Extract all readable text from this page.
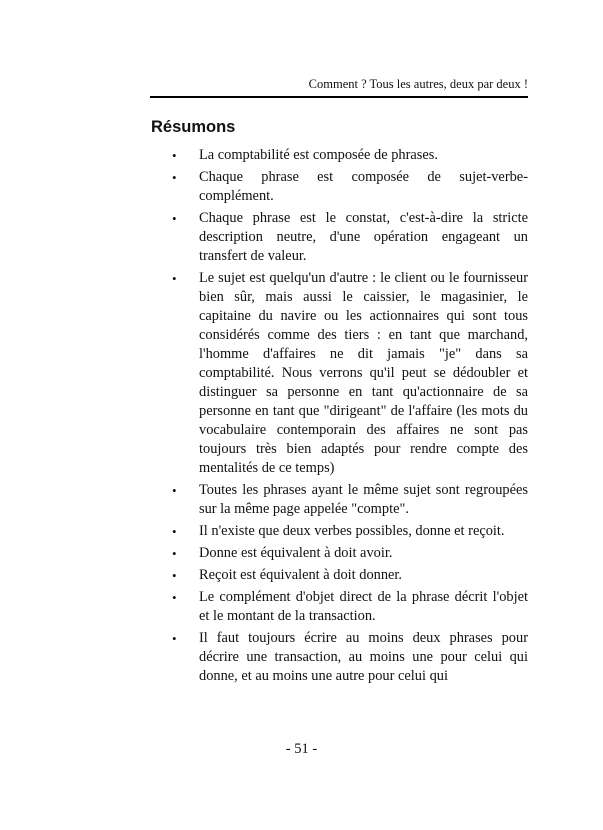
Comment ? Tous les autres, deux par deux !
Résumons
• La comptabilité est composée de phrases.
• Chaque phrase est composée de sujet-verbe-complément.
• Chaque phrase est le constat, c'est-à-dire la stricte description neutre, d'une opération engageant un transfert de valeur.
• Le sujet est quelqu'un d'autre : le client ou le fournisseur bien sûr, mais aussi le caissier, le magasinier, le capitaine du navire ou les actionnaires qui sont tous considérés comme des tiers : en tant que marchand, l'homme d'affaires ne dit jamais "je" dans sa comptabilité. Nous verrons qu'il peut se dédoubler et distinguer sa personne en tant qu'actionnaire de sa personne en tant que "dirigeant" de l'affaire (les mots du vocabulaire contemporain des affaires ne sont pas toujours très bien adaptés pour rendre compte des mentalités de ce temps)
• Toutes les phrases ayant le même sujet sont regroupées sur la même page appelée "compte".
• Il n'existe que deux verbes possibles, donne et reçoit.
• Donne est équivalent à doit avoir.
• Reçoit est équivalent à doit donner.
• Le complément d'objet direct de la phrase décrit l'objet et le montant de la transaction.
• Il faut toujours écrire au moins deux phrases pour décrire une transaction, au moins une pour celui qui donne, et au moins une autre pour celui qui
- 51 -
